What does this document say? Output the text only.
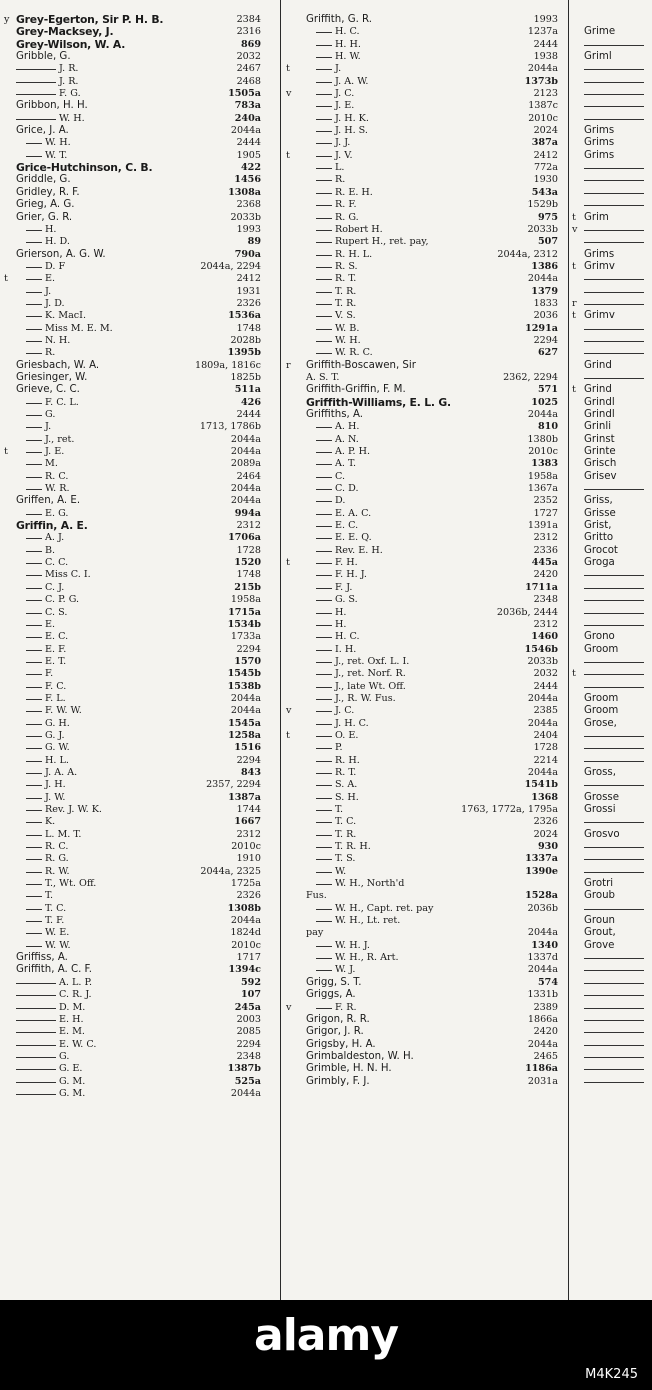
y Grey-Egerton, Sir P. H. B.	2384
Grey-Macksey, J.	2316
Grey-Wilson, W. A.	869
Gribble, G.	2032
J. R.	2467
J. R.	2468
F. G.	1505a
Gribbon, H. H.	783a
W. H.	240a
Grice, J. A.	2044a
W. H.	2444
W. T.	1905
Grice-Hutchinson, C. B.	422
Griddle, G.	1456
Gridley, R. F.	1308a
Grieg, A. G.	2368
Grier, G. R.	2033b
H.	1993
H. D.	89
Grierson, A. G. W.	790a
D. F	2044a, 2294
t	E.	2412
J.	1931
J. D.	2326
K. MacI.	1536a
Miss M. E. M.	1748
N. H.	2028b
R.	1395b
Griesbach, W. A.	1809a, 1816c
Griesinger, W.	1825b
Grieve, C. C.	511a
F. C. L.	426
G.	2444
J.	1713, 1786b
J., ret.	2044a
t	J. E.	2044a
M.	2089a
R. C.	2464
W. R.	2044a
Griffen, A. E.	2044a
E. G.	994a
Griffin, A. E.	2312
A. J.	1706a
B.	1728
C. C.	1520
Miss C. I.	1748
C. J.	215b
C. P. G.	1958a
C. S.	1715a
E.	1534b
E. C.	1733a
E. F.	2294
E. T.	1570
F.	1545b
F. C.	1538b
F. L.	2044a
F. W. W.	2044a
G. H.	1545a
G. J.	1258a
G. W.	1516
H. L.	2294
J. A. A.	843
J. H.	2357, 2294
J. W.	1387a
Rev. J. W. K.	1744
K.	1667
L. M. T.	2312
R. C.	2010c
R. G.	1910
R. W.	2044a, 2325
T., Wt. Off.	1725a
T.	2326
T. C.	1308b
T. F.	2044a
W. E.	1824d
W. W.	2010c
Griffiss, A.	1717
Griffith, A. C. F.	1394c
A. L. P.	592
C. R. J.	107
D. M.	245a
E. H.	2003
E. M.	2085
E. W. C.	2294
G.	2348
G. E.	1387b
G. M.	525a
G. M.	2044a
Griffith, G. R.	1993
H. C.	1237a
H. H.	2444
H. W.	1938
t	J.	2044a
J. A. W.	1373b
v	J. C.	2123
J. E.	1387c
J. H. K.	2010c
J. H. S.	2024
J. J.	387a
t	J. V.	2412
L.	772a
R.	1930
R. E. H.	543a
R. F.	1529b
R. G.	975
Robert H.	2033b
Rupert H., ret. pay,	507
R. H. L.	2044a, 2312
R. S.	1386
R. T.	2044a
T. R.	1379
T. R.	1833
V. S.	2036
W. B.	1291a
W. H.	2294
W. R. C.	627
r Griffith-Boscawen, Sir
A. S. T.	2362, 2294
Griffith-Griffin, F. M.	571
Griffith-Williams, E. L. G.	1025
Griffiths, A.	2044a
A. H.	810
A. N.	1380b
A. P. H.	2010c
A. T.	1383
C.	1958a
C. D.	1367a
D.	2352
E. A. C.	1727
E. C.	1391a
E. E. Q.	2312
Rev. E. H.	2336
t	F. H.	445a
F. H. J.	2420
F. J.	1711a
G. S.	2348
H.	2036b, 2444
H.	2312
H. C.	1460
I. H.	1546b
J., ret. Oxf. L. I.	2033b
J., ret. Norf. R.	2032
J., late Wt. Off.	2444
J., R. W. Fus.	2044a
v	J. C.	2385
J. H. C.	2044a
t	O. E.	2404
P.	1728
R. H.	2214
R. T.	2044a
S. A.	1541b
S. H.	1368
T.	1763, 1772a, 1795a
T. C.	2326
T. R.	2024
T. R. H.	930
T. S.	1337a
W.	1390e
W. H., North'd
Fus.	1528a
W. H., Capt. ret. pay	2036b
W. H., Lt. ret.
pay	2044a
W. H. J.	1340
W. H., R. Art.	1337d
W. J.	2044a
Grigg, S. T.	574
Griggs, A.	1331b
v	F. R.	2389
Grigon, R. R.	1866a
Grigor, J. R.	2420
Grigsby, H. A.	2044a
Grimbaldeston, W. H.	2465
Grimble, H. N. H.	1186a
Grimbly, F. J.	2031a
Grime
Griml
Grims
Grims
Grims
t Grim
v
Grims
t Grimv
r
t Grimv
Grind
t Grind
Grindl
Grindl
Grinli
Grinst
Grinte
Grisch
Grisev
Griss,
Grisse
Grist,
Gritto
Grocot
Groga
Grono
Groom
t
Groom
Groom
Grose,
Gross,
Grosse
Grossi
Grosvo
Grotri
Groub
Groun
Grout,
Grove
alamy
M4K245
